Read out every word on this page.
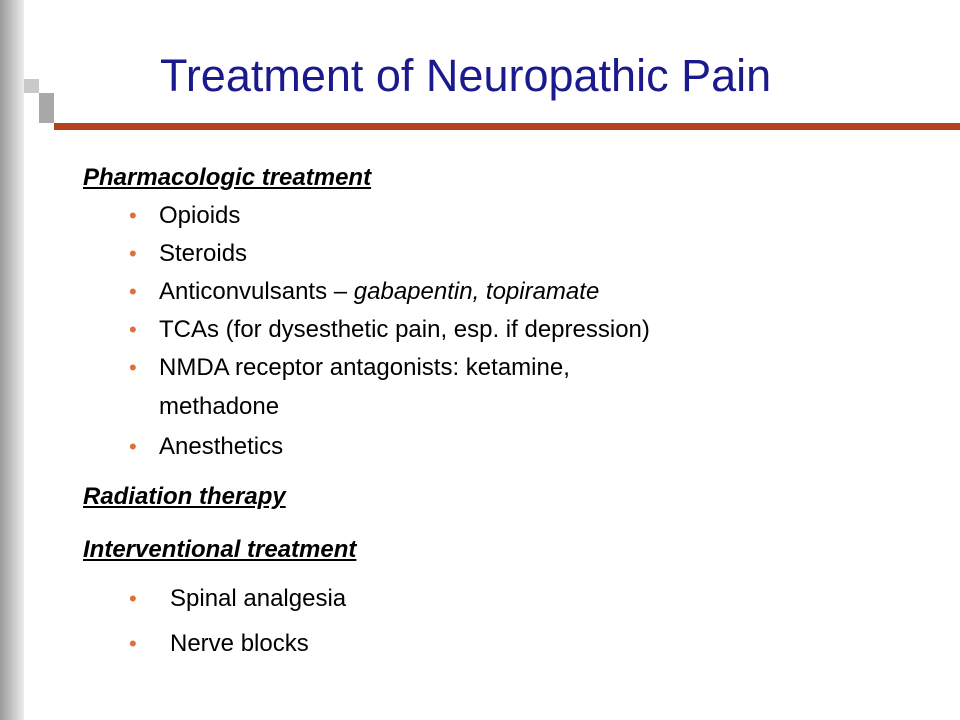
Treatment of Neuropathic Pain
Pharmacologic treatment
• Opioids
• Steroids
• Anticonvulsants – gabapentin, topiramate
• TCAs (for dysesthetic pain, esp. if depression)
• NMDA receptor antagonists: ketamine,
methadone
• Anesthetics
Radiation therapy
Interventional treatment
• Spinal analgesia
• Nerve blocks
